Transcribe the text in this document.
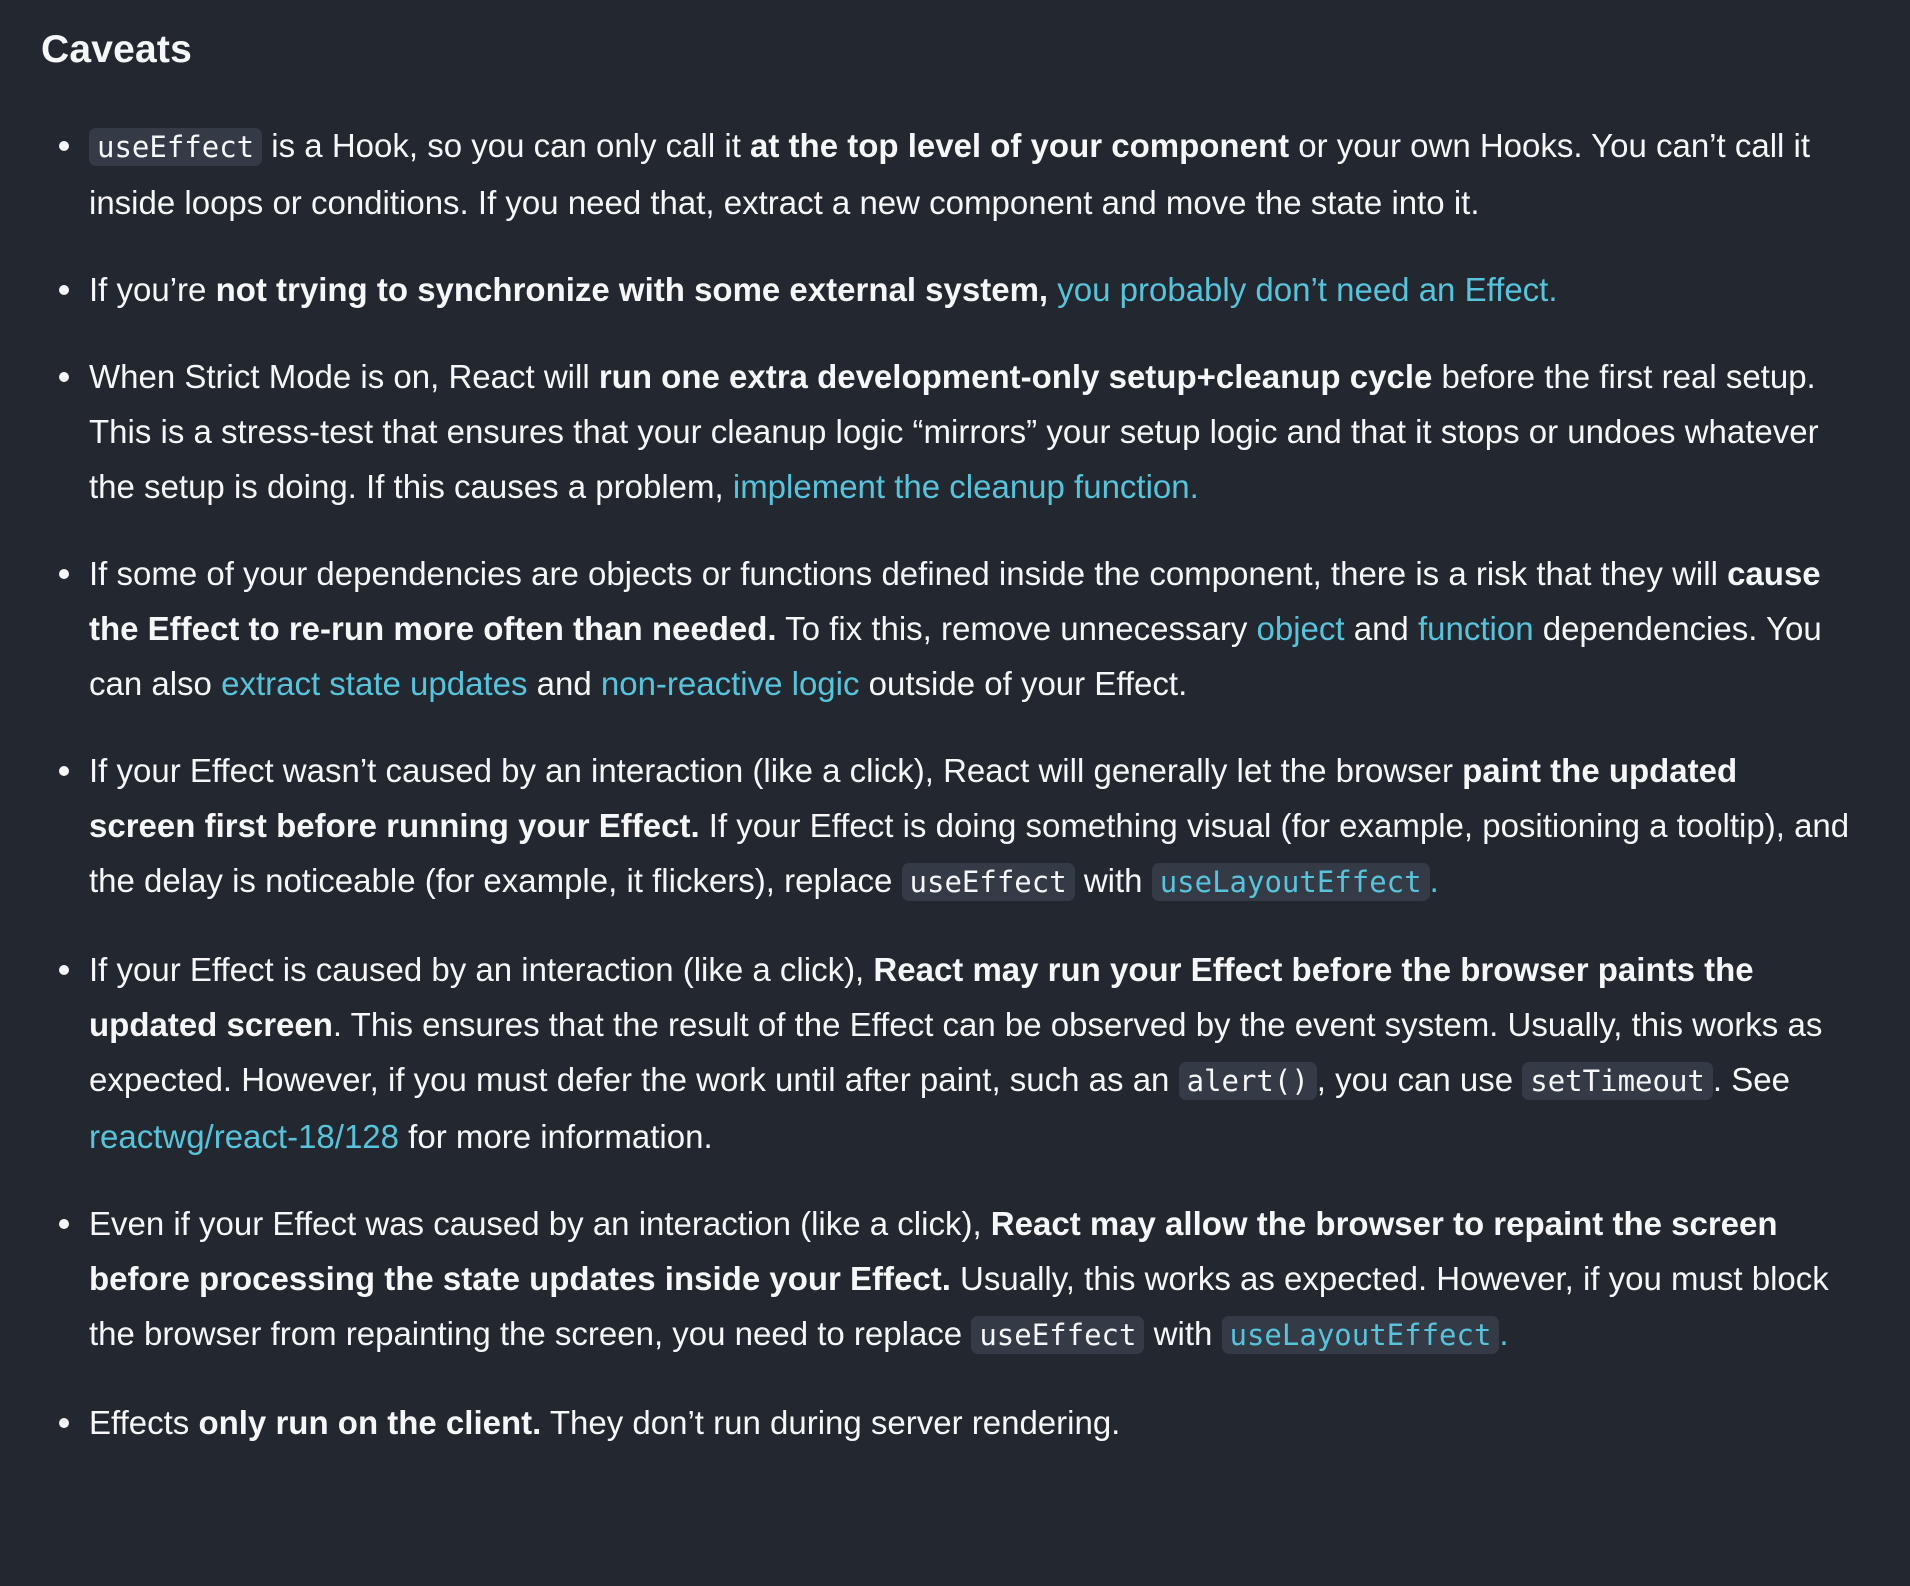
Caveats
useEffect is a Hook, so you can only call it at the top level of your component or your own Hooks. You can’t call it inside loops or conditions. If you need that, extract a new component and move the state into it.
If you’re not trying to synchronize with some external system, you probably don’t need an Effect.
When Strict Mode is on, React will run one extra development-only setup+cleanup cycle before the first real setup. This is a stress-test that ensures that your cleanup logic “mirrors” your setup logic and that it stops or undoes whatever the setup is doing. If this causes a problem, implement the cleanup function.
If some of your dependencies are objects or functions defined inside the component, there is a risk that they will cause the Effect to re-run more often than needed. To fix this, remove unnecessary object and function dependencies. You can also extract state updates and non-reactive logic outside of your Effect.
If your Effect wasn’t caused by an interaction (like a click), React will generally let the browser paint the updated screen first before running your Effect. If your Effect is doing something visual (for example, positioning a tooltip), and the delay is noticeable (for example, it flickers), replace useEffect with useLayoutEffect .
If your Effect is caused by an interaction (like a click), React may run your Effect before the browser paints the updated screen. This ensures that the result of the Effect can be observed by the event system. Usually, this works as expected. However, if you must defer the work until after paint, such as an alert() , you can use setTimeout . See reactwg/react-18/128 for more information.
Even if your Effect was caused by an interaction (like a click), React may allow the browser to repaint the screen before processing the state updates inside your Effect. Usually, this works as expected. However, if you must block the browser from repainting the screen, you need to replace useEffect with useLayoutEffect .
Effects only run on the client. They don’t run during server rendering.
